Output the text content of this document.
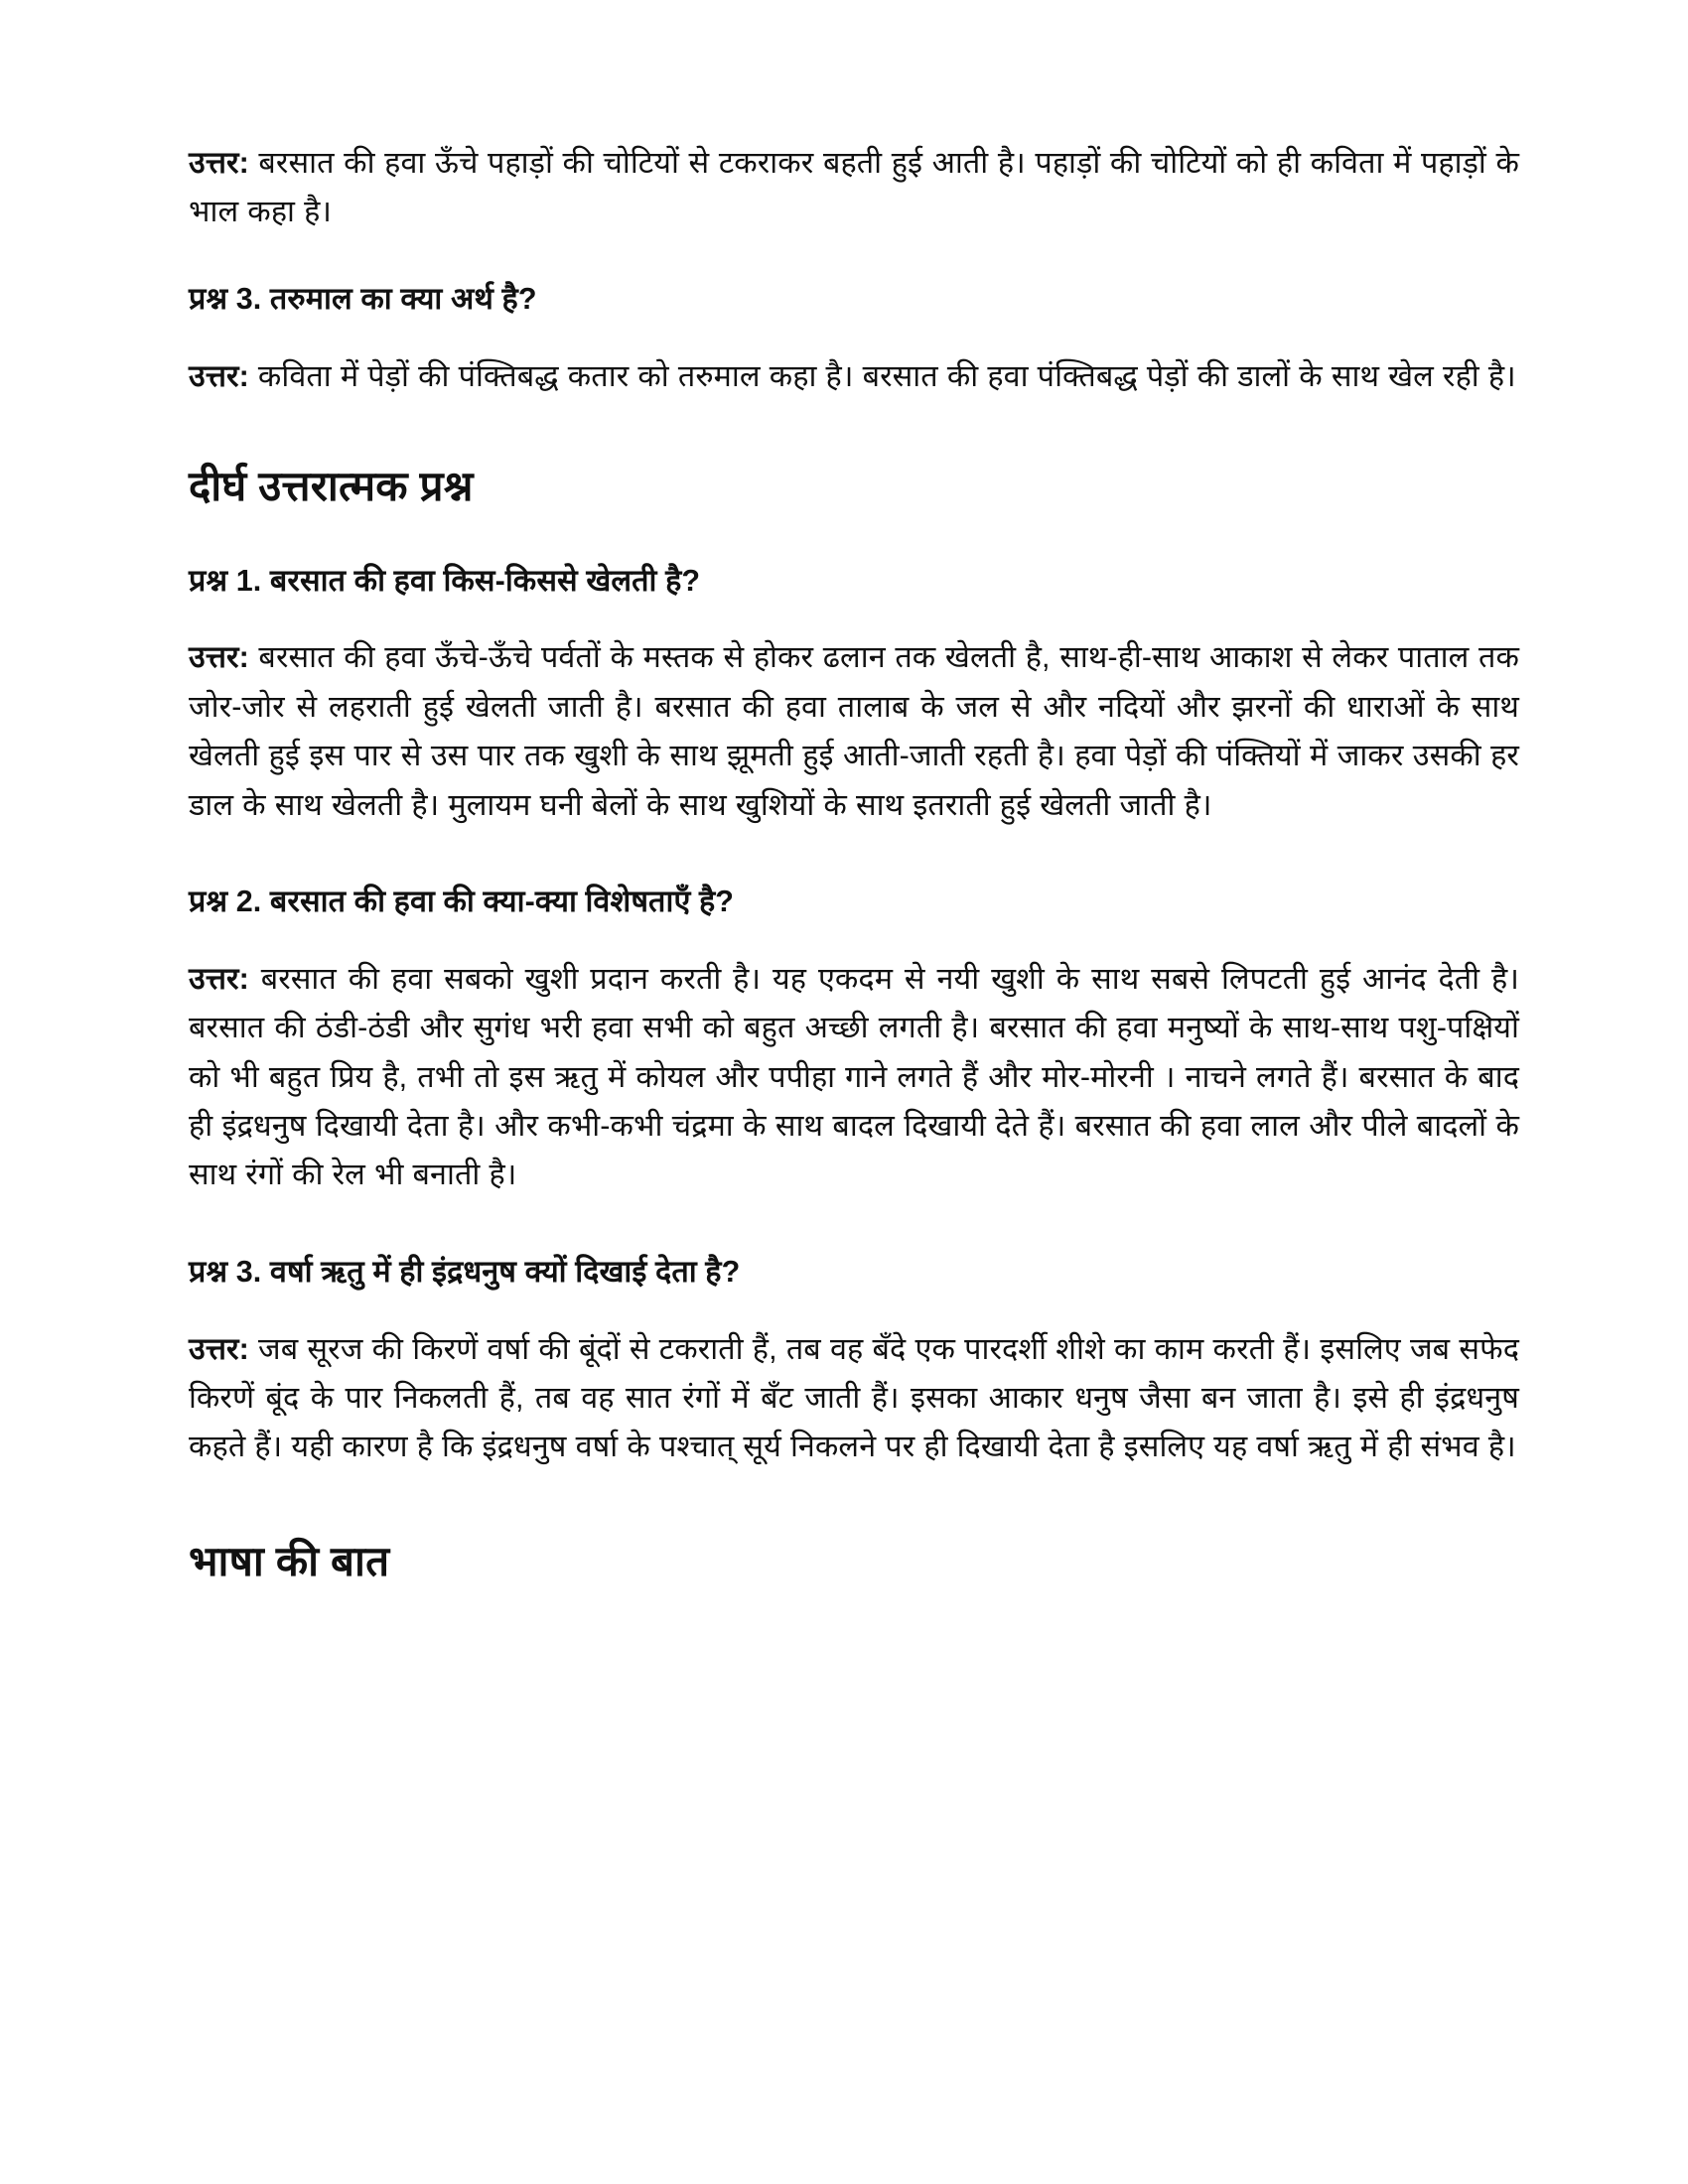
उत्तर: बरसात की हवा ऊँचे पहाड़ों की चोटियों से टकराकर बहती हुई आती है। पहाड़ों की चोटियों को ही कविता में पहाड़ों के भाल कहा है।

प्रश्न 3. तरुमाल का क्या अर्थ है?

उत्तर: कविता में पेड़ों की पंक्तिबद्ध कतार को तरुमाल कहा है। बरसात की हवा पंक्तिबद्ध पेड़ों की डालों के साथ खेल रही है।

दीर्घ उत्तरात्मक प्रश्न

प्रश्न 1. बरसात की हवा किस-किससे खेलती है?

उत्तर: बरसात की हवा ऊँचे-ऊँचे पर्वतों के मस्तक से होकर ढलान तक खेलती है, साथ-ही-साथ आकाश से लेकर पाताल तक जोर-जोर से लहराती हुई खेलती जाती है। बरसात की हवा तालाब के जल से और नदियों और झरनों की धाराओं के साथ खेलती हुई इस पार से उस पार तक खुशी के साथ झूमती हुई आती-जाती रहती है। हवा पेड़ों की पंक्तियों में जाकर उसकी हर डाल के साथ खेलती है। मुलायम घनी बेलों के साथ खुशियों के साथ इतराती हुई खेलती जाती है।

प्रश्न 2. बरसात की हवा की क्या-क्या विशेषताएँ है?

उत्तर: बरसात की हवा सबको खुशी प्रदान करती है। यह एकदम से नयी खुशी के साथ सबसे लिपटती हुई आनंद देती है। बरसात की ठंडी-ठंडी और सुगंध भरी हवा सभी को बहुत अच्छी लगती है। बरसात की हवा मनुष्यों के साथ-साथ पशु-पक्षियों को भी बहुत प्रिय है, तभी तो इस ऋतु में कोयल और पपीहा गाने लगते हैं और मोर-मोरनी । नाचने लगते हैं। बरसात के बाद ही इंद्रधनुष दिखायी देता है। और कभी-कभी चंद्रमा के साथ बादल दिखायी देते हैं। बरसात की हवा लाल और पीले बादलों के साथ रंगों की रेल भी बनाती है।

प्रश्न 3. वर्षा ऋतु में ही इंद्रधनुष क्यों दिखाई देता है?

उत्तर: जब सूरज की किरणें वर्षा की बूंदों से टकराती हैं, तब वह बँदे एक पारदर्शी शीशे का काम करती हैं। इसलिए जब सफेद किरणें बूंद के पार निकलती हैं, तब वह सात रंगों में बँट जाती हैं। इसका आकार धनुष जैसा बन जाता है। इसे ही इंद्रधनुष कहते हैं। यही कारण है कि इंद्रधनुष वर्षा के पश्चात् सूर्य निकलने पर ही दिखायी देता है इसलिए यह वर्षा ऋतु में ही संभव है।

भाषा की बात
